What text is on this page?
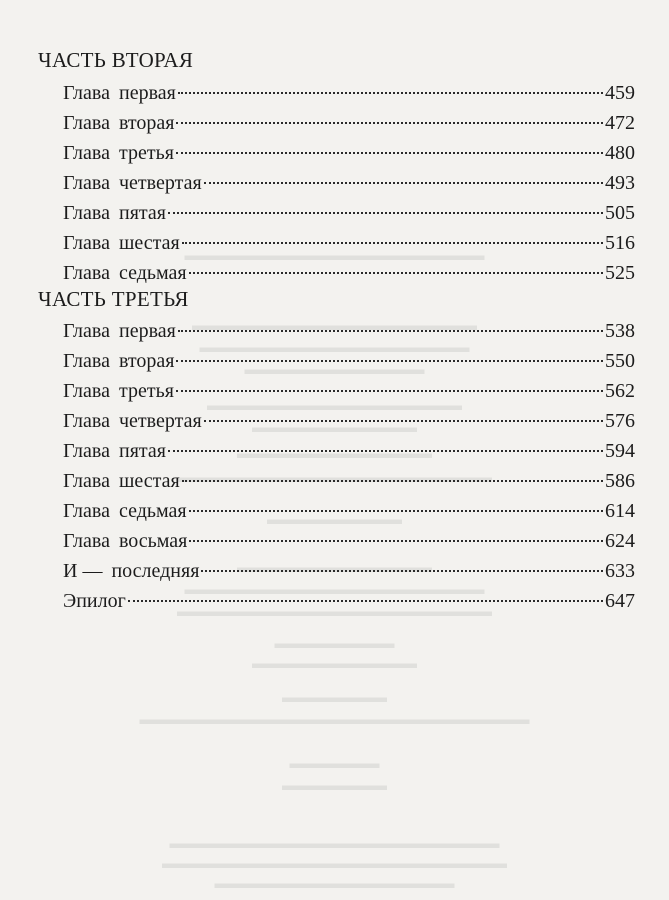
▬▬▬▬▬▬▬▬▬▬▬▬▬▬▬▬▬▬▬▬
▬▬▬▬▬▬▬▬▬▬▬▬▬▬▬▬▬▬▬
▬▬▬▬▬▬▬▬▬▬▬▬▬▬▬▬▬▬
▬▬▬▬▬▬▬▬▬▬▬▬
▬▬▬▬▬▬▬▬▬▬▬▬▬▬▬▬▬
▬▬▬▬▬▬▬▬▬▬▬
▬▬▬▬▬▬▬▬▬▬▬▬▬
▬▬▬▬▬▬▬▬▬▬▬▬▬▬▬▬▬▬▬▬▬
▬▬▬▬▬▬▬▬▬
▬▬▬▬▬▬▬▬▬▬▬▬▬
▬▬▬▬▬▬▬▬▬▬▬▬▬▬▬▬▬▬▬▬
▬▬▬▬▬▬▬▬▬▬▬▬▬▬▬▬▬▬▬▬▬
▬▬▬▬▬▬▬▬
▬▬▬▬▬▬▬▬▬▬▬
▬▬▬▬▬▬▬
▬▬▬▬▬▬▬▬▬▬▬▬▬▬▬▬▬▬▬▬▬▬▬▬▬▬
▬▬▬▬▬▬
▬▬▬▬▬▬▬
▬▬▬▬▬▬▬▬▬▬▬▬▬▬▬▬▬▬▬▬▬▬
▬▬▬▬▬▬▬▬▬▬▬▬▬▬▬▬▬▬▬▬▬▬▬
▬▬▬▬▬▬▬▬▬▬▬▬▬▬▬▬
ЧАСТЬ ВТОРАЯ
Глава первая	459
Глава вторая	472
Глава третья	480
Глава четвертая	493
Глава пятая	505
Глава шестая	516
Глава седьмая	525
ЧАСТЬ ТРЕТЬЯ
Глава первая	538
Глава вторая	550
Глава третья	562
Глава четвертая	576
Глава пятая	594
Глава шестая	586
Глава седьмая	614
Глава восьмая	624
И — последняя	633
Эпилог	647
